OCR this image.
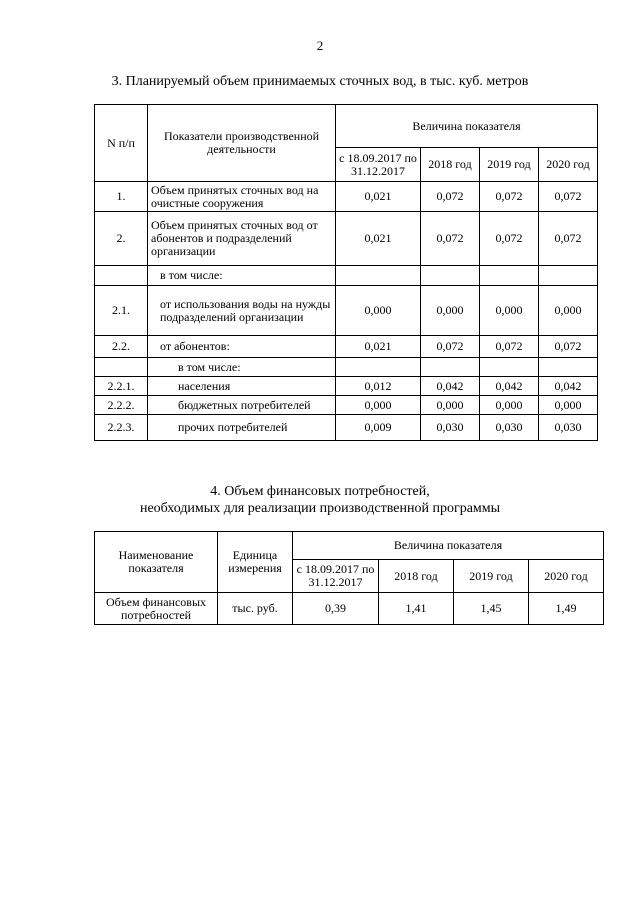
2
3. Планируемый объем принимаемых сточных вод, в тыс. куб. метров
N п/п	Показатели производственной деятельности	Величина показателя			
		с 18.09.2017 по 31.12.2017	2018 год	2019 год	2020 год
1.	Объем принятых сточных вод на очистные сооружения	0,021	0,072	0,072	0,072
2.	Объем принятых сточных вод от абонентов и подразделений организации	0,021	0,072	0,072	0,072
	в том числе:				
2.1.	от использования воды на нужды подразделений организации	0,000	0,000	0,000	0,000
2.2.	от абонентов:	0,021	0,072	0,072	0,072
	в том числе:				
2.2.1.	населения	0,012	0,042	0,042	0,042
2.2.2.	бюджетных потребителей	0,000	0,000	0,000	0,000
2.2.3.	прочих потребителей	0,009	0,030	0,030	0,030
4. Объем финансовых потребностей,
необходимых для реализации производственной программы
Наименование показателя	Единица измерения	Величина показателя			
		с 18.09.2017 по 31.12.2017	2018 год	2019 год	2020 год
Объем финансовых потребностей	тыс. руб.	0,39	1,41	1,45	1,49
